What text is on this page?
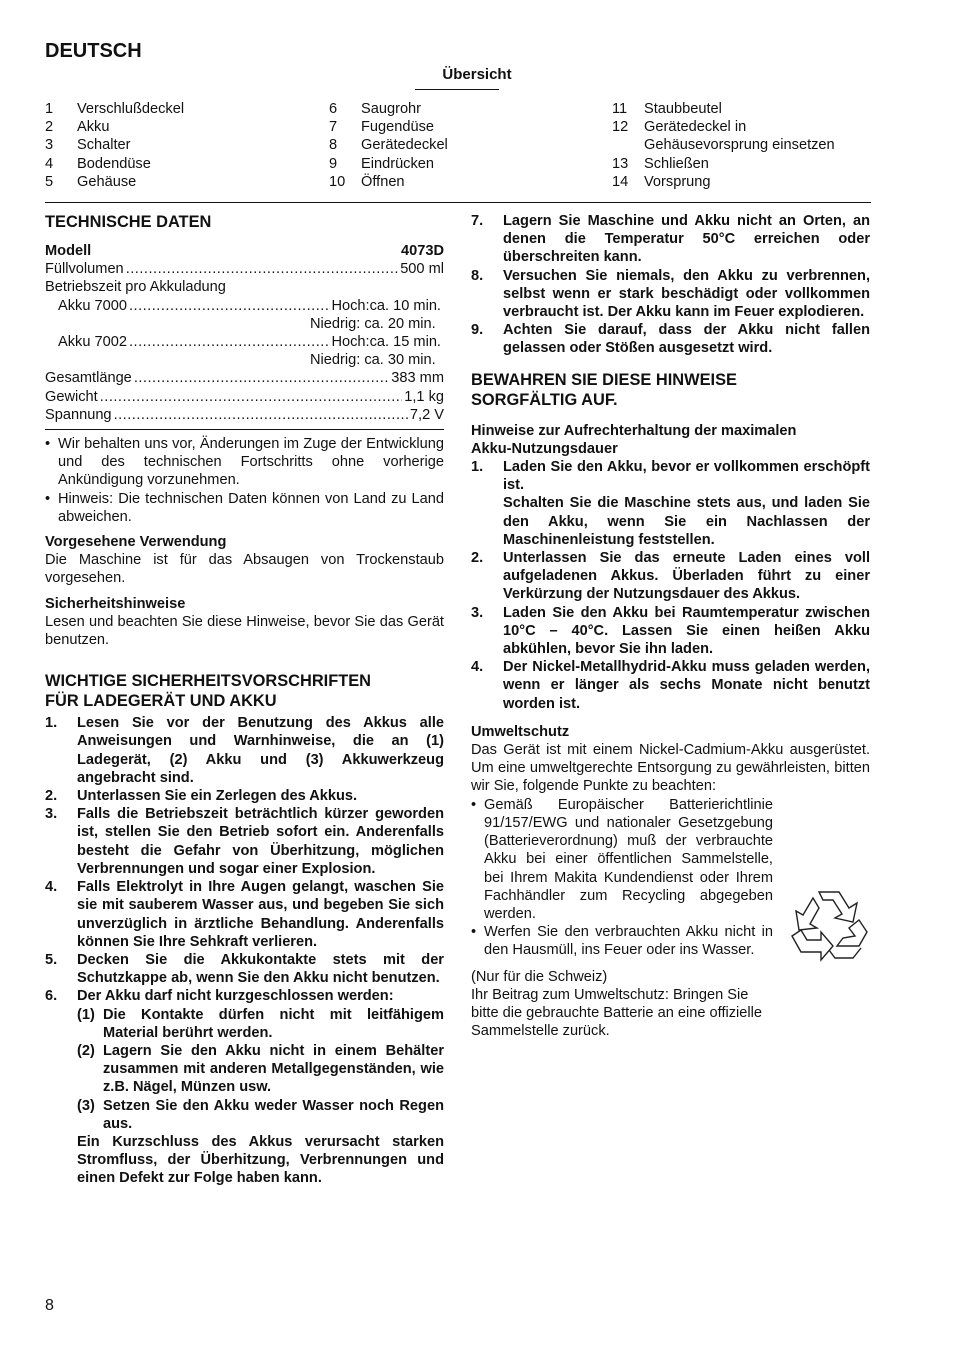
DEUTSCH
Übersicht
1	Verschlußdeckel
2	Akku
3	Schalter
4	Bodendüse
5	Gehäuse
6	Saugrohr
7	Fugendüse
8	Gerätedeckel
9	Eindrücken
10	Öffnen
11	Staubbeutel
12	Gerätedeckel in
Gehäusevorsprung einsetzen
13	Schließen
14	Vorsprung
TECHNISCHE DATEN
Modell	4073D
Füllvolumen .....	500 ml
Betriebszeit pro Akkuladung
Akku 7000 .....	Hoch:ca. 10 min.
Niedrig: ca. 20 min.
Akku 7002 .....	Hoch:ca. 15 min.
Niedrig: ca. 30 min.
Gesamtlänge .....	383 mm
Gewicht .....	1,1 kg
Spannung .....	7,2 V
• Wir behalten uns vor, Änderungen im Zuge der Entwicklung und des technischen Fortschritts ohne vorherige Ankündigung vorzunehmen.
• Hinweis: Die technischen Daten können von Land zu Land abweichen.
Vorgesehene Verwendung

Die Maschine ist für das Absaugen von Trockenstaub vorgesehen.

Sicherheitshinweise

Lesen und beachten Sie diese Hinweise, bevor Sie das Gerät benutzen.

WICHTIGE SICHERHEITSVORSCHRIFTEN
FÜR LADEGERÄT UND AKKU
1.	Lesen Sie vor der Benutzung des Akkus alle Anweisungen und Warnhinweise, die an (1) Ladegerät, (2) Akku und (3) Akkuwerkzeug angebracht sind.
2.	Unterlassen Sie ein Zerlegen des Akkus.
3.	Falls die Betriebszeit beträchtlich kürzer geworden ist, stellen Sie den Betrieb sofort ein. Anderenfalls besteht die Gefahr von Überhitzung, möglichen Verbrennungen und sogar einer Explosion.
4.	Falls Elektrolyt in Ihre Augen gelangt, waschen Sie sie mit sauberem Wasser aus, und begeben Sie sich unverzüglich in ärztliche Behandlung. Anderenfalls können Sie Ihre Sehkraft verlieren.
5.	Decken Sie die Akkukontakte stets mit der Schutzkappe ab, wenn Sie den Akku nicht benutzen.
6.	Der Akku darf nicht kurzgeschlossen werden:
(1) Die Kontakte dürfen nicht mit leitfähigem Material berührt werden.
(2) Lagern Sie den Akku nicht in einem Behälter zusammen mit anderen Metallgegenständen, wie z.B. Nägel, Münzen usw.
(3) Setzen Sie den Akku weder Wasser noch Regen aus.

Ein Kurzschluss des Akkus verursacht starken Stromfluss, der Überhitzung, Verbrennungen und einen Defekt zur Folge haben kann.

7.	Lagern Sie Maschine und Akku nicht an Orten, an denen die Temperatur 50°C erreichen oder überschreiten kann.
8.	Versuchen Sie niemals, den Akku zu verbrennen, selbst wenn er stark beschädigt oder vollkommen verbraucht ist. Der Akku kann im Feuer explodieren.
9.	Achten Sie darauf, dass der Akku nicht fallen gelassen oder Stößen ausgesetzt wird.
BEWAHREN SIE DIESE HINWEISE
SORGFÄLTIG AUF.
Hinweise zur Aufrechterhaltung der maximalen
Akku-Nutzungsdauer
1.	Laden Sie den Akku, bevor er vollkommen erschöpft ist.
Schalten Sie die Maschine stets aus, und laden Sie den Akku, wenn Sie ein Nachlassen der Maschinenleistung feststellen.
2.	Unterlassen Sie das erneute Laden eines voll aufgeladenen Akkus. Überladen führt zu einer Verkürzung der Nutzungsdauer des Akkus.
3.	Laden Sie den Akku bei Raumtemperatur zwischen 10°C – 40°C. Lassen Sie einen heißen Akku abkühlen, bevor Sie ihn laden.
4.	Der Nickel-Metallhydrid-Akku muss geladen werden, wenn er länger als sechs Monate nicht benutzt worden ist.
Umweltschutz

Das Gerät ist mit einem Nickel-Cadmium-Akku ausgerüstet. Um eine umweltgerechte Entsorgung zu gewährleisten, bitten wir Sie, folgende Punkte zu beachten:

• Gemäß Europäischer Batterierichtlinie 91/157/EWG und nationaler Gesetzgebung (Batterieverordnung) muß der verbrauchte Akku bei einer öffentlichen Sammelstelle, bei Ihrem Makita Kundendienst oder Ihrem Fachhändler zum Recycling abgegeben werden.
• Werfen Sie den verbrauchten Akku nicht in den Hausmüll, ins Feuer oder ins Wasser.

(Nur für die Schweiz)

Ihr Beitrag zum Umweltschutz: Bringen Sie bitte die gebrauchte Batterie an eine offizielle Sammelstelle zurück.

8
